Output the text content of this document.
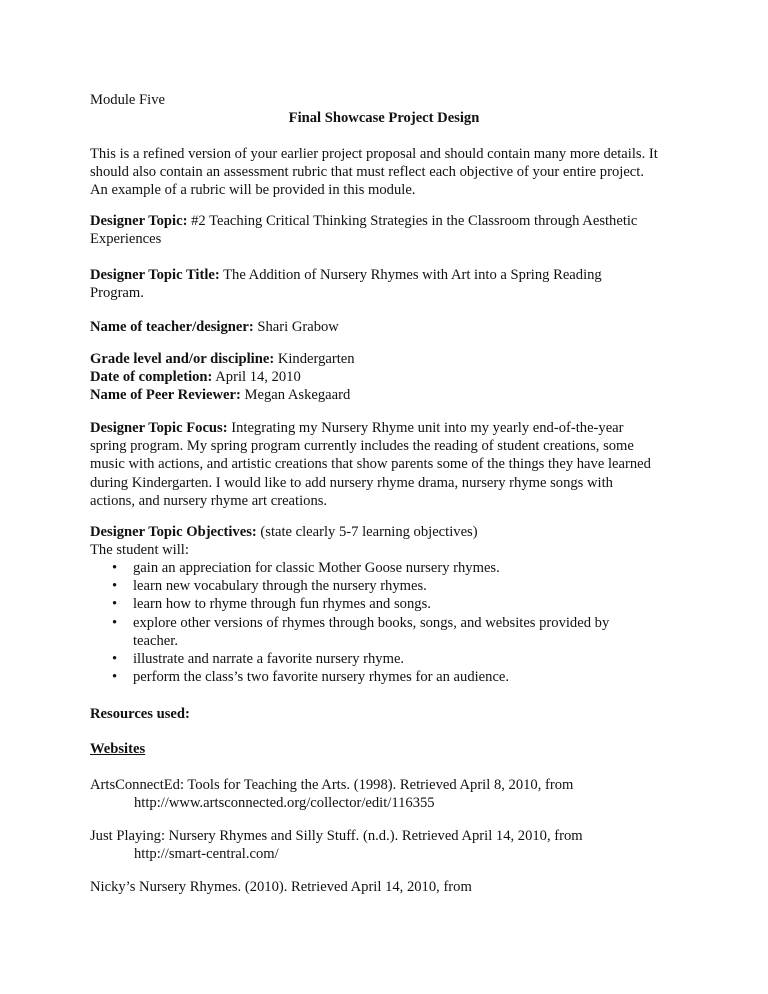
Module Five
Final Showcase Project Design
This is a refined version of your earlier project proposal and should contain many more details. It
should also contain an assessment rubric that must reflect each objective of your entire project.
An example of a rubric will be provided in this module.
Designer Topic: #2 Teaching Critical Thinking Strategies in the Classroom through Aesthetic
Experiences
Designer Topic Title: The Addition of Nursery Rhymes with Art into a Spring Reading
Program.
Name of teacher/designer: Shari Grabow
Grade level and/or discipline: Kindergarten
Date of completion: April 14, 2010
Name of Peer Reviewer: Megan Askegaard
Designer Topic Focus: Integrating my Nursery Rhyme unit into my yearly end-of-the-year
spring program. My spring program currently includes the reading of student creations, some
music with actions, and artistic creations that show parents some of the things they have learned
during Kindergarten. I would like to add nursery rhyme drama, nursery rhyme songs with
actions, and nursery rhyme art creations.
Designer Topic Objectives: (state clearly 5-7 learning objectives)
The student will:
• gain an appreciation for classic Mother Goose nursery rhymes.
• learn new vocabulary through the nursery rhymes.
• learn how to rhyme through fun rhymes and songs.
• explore other versions of rhymes through books, songs, and websites provided by
teacher.
• illustrate and narrate a favorite nursery rhyme.
• perform the class’s two favorite nursery rhymes for an audience.
Resources used:
Websites
ArtsConnectEd: Tools for Teaching the Arts. (1998). Retrieved April 8, 2010, from
http://www.artsconnected.org/collector/edit/116355
Just Playing: Nursery Rhymes and Silly Stuff. (n.d.). Retrieved April 14, 2010, from
http://smart-central.com/
Nicky’s Nursery Rhymes. (2010). Retrieved April 14, 2010, from
